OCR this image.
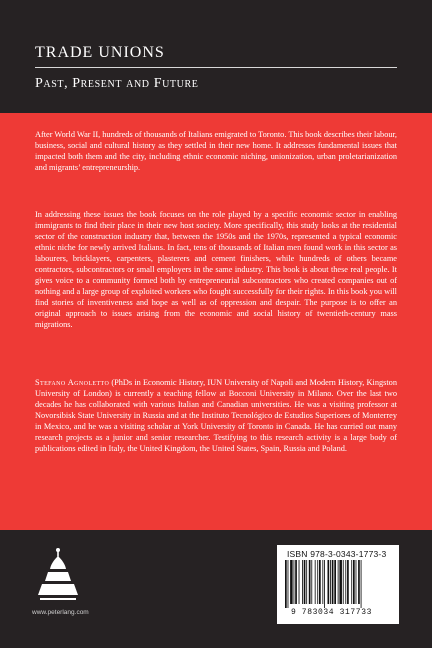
TRADE UNIONS
Past, Present and Future

After World War II, hundreds of thousands of Italians emigrated to Toronto. This book describes their labour, business, social and cultural history as they settled in their new home. It addresses fundamental issues that impacted both them and the city, including ethnic economic niching, unionization, urban proletarianization and migrants’ entrepreneurship.

In addressing these issues the book focuses on the role played by a specific economic sector in enabling immigrants to find their place in their new host society. More specifically, this study looks at the residential sector of the construction industry that, between the 1950s and the 1970s, represented a typical economic ethnic niche for newly arrived Italians. In fact, tens of thousands of Italian men found work in this sector as labourers, bricklayers, carpenters, plasterers and cement finishers, while hundreds of others became contractors, subcontractors or small employers in the same industry. This book is about these real people. It gives voice to a community formed both by entrepreneurial subcontractors who created companies out of nothing and a large group of exploited workers who fought successfully for their rights. In this book you will find stories of inventiveness and hope as well as of oppression and despair. The purpose is to offer an original approach to issues arising from the economic and social history of twentieth-century mass migrations.

Stefano Agnoletto (PhDs in Economic History, IUN University of Napoli and Modern History, Kingston University of London) is currently a teaching fellow at Bocconi University in Milano. Over the last two decades he has collaborated with various Italian and Canadian universities. He was a visiting professor at Novorsibisk State University in Russia and at the Instituto Tecnológico de Estudios Superiores of Monterrey in Mexico, and he was a visiting scholar at York University of Toronto in Canada. He has carried out many research projects as a junior and senior researcher. Testifying to this research activity is a large body of publications edited in Italy, the United Kingdom, the United States, Spain, Russia and Poland.

www.peterlang.com
ISBN 978-3-0343-1773-3
9 783034 317733
